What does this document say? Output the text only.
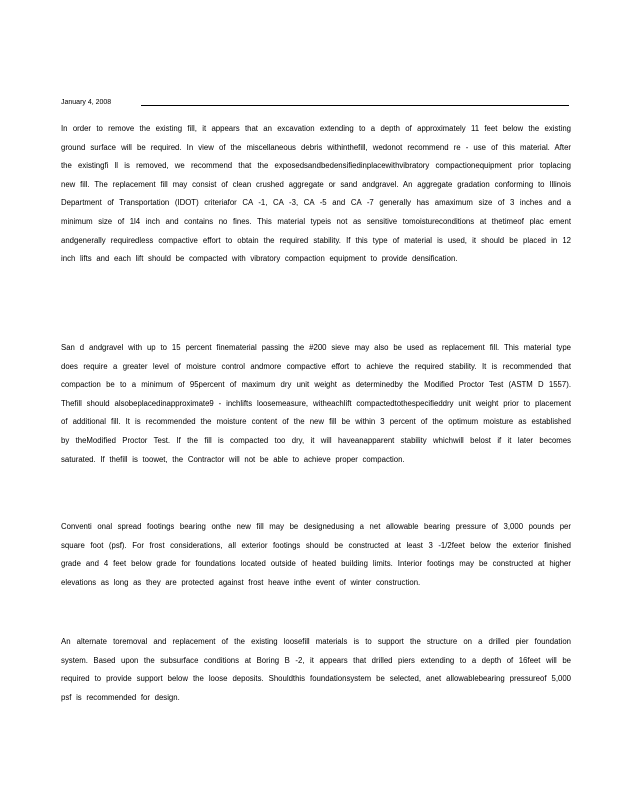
January 4, 2008

In order to remove the existing fill, it appears that an excavation extending to a depth of approximately 11 feet below the existing ground surface will be required. In view of the miscellaneous debris withinthefill, wedonot recommend re - use of this material. After the existingfi ll is removed, we recommend that the exposedsandbedensifiedinplacewithvibratory compactionequipment prior toplacing new fill. The replacement fill may consist of clean crushed aggregate or sand andgravel. An aggregate gradation conforming to Illinois Department of Transportation (IDOT) criteriafor CA -1, CA -3, CA -5 and CA -7 generally has amaximum size of 3 inches and a minimum size of 1l4 inch and contains no fines. This material typeis not as sensitive tomoistureconditions at thetimeof plac ement andgenerally requiredless compactive effort to obtain the required stability. If this type of material is used, it should be placed in 12 inch lifts and each lift should be compacted with vibratory compaction equipment to provide densification.

San d andgravel with up to 15 percent finematerial passing the #200 sieve may also be used as replacement fill. This material type does require a greater level of moisture control andmore compactive effort to achieve the required stability. It is recommended that compaction be to a minimum of 95percent of maximum dry unit weight as determinedby the Modified Proctor Test (ASTM D 1557). Thefill should alsobeplacedinapproximate9 - inchlifts loosemeasure, witheachlift compactedtothespecifieddry unit weight prior to placement of additional fill. It is recommended the moisture content of the new fill be within 3 percent of the optimum moisture as established by theModified Proctor Test. If the fill is compacted too dry, it will haveanapparent stability whichwill belost if it later becomes saturated. If thefill is toowet, the Contractor will not be able to achieve proper compaction.

Conventi onal spread footings bearing onthe new fill may be designedusing a net allowable bearing pressure of 3,000 pounds per square foot (psf). For frost considerations, all exterior footings should be constructed at least 3 -1/2feet below the exterior finished grade and 4 feet below grade for foundations located outside of heated building limits. Interior footings may be constructed at higher elevations as long as they are protected against frost heave inthe event of winter construction.

An alternate toremoval and replacement of the existing loosefill materials is to support the structure on a drilled pier foundation system. Based upon the subsurface conditions at Boring B -2, it appears that drilled piers extending to a depth of 16feet will be required to provide support below the loose deposits. Shouldthis foundationsystem be selected, anet allowablebearing pressureof 5,000 psf is recommended for design.
